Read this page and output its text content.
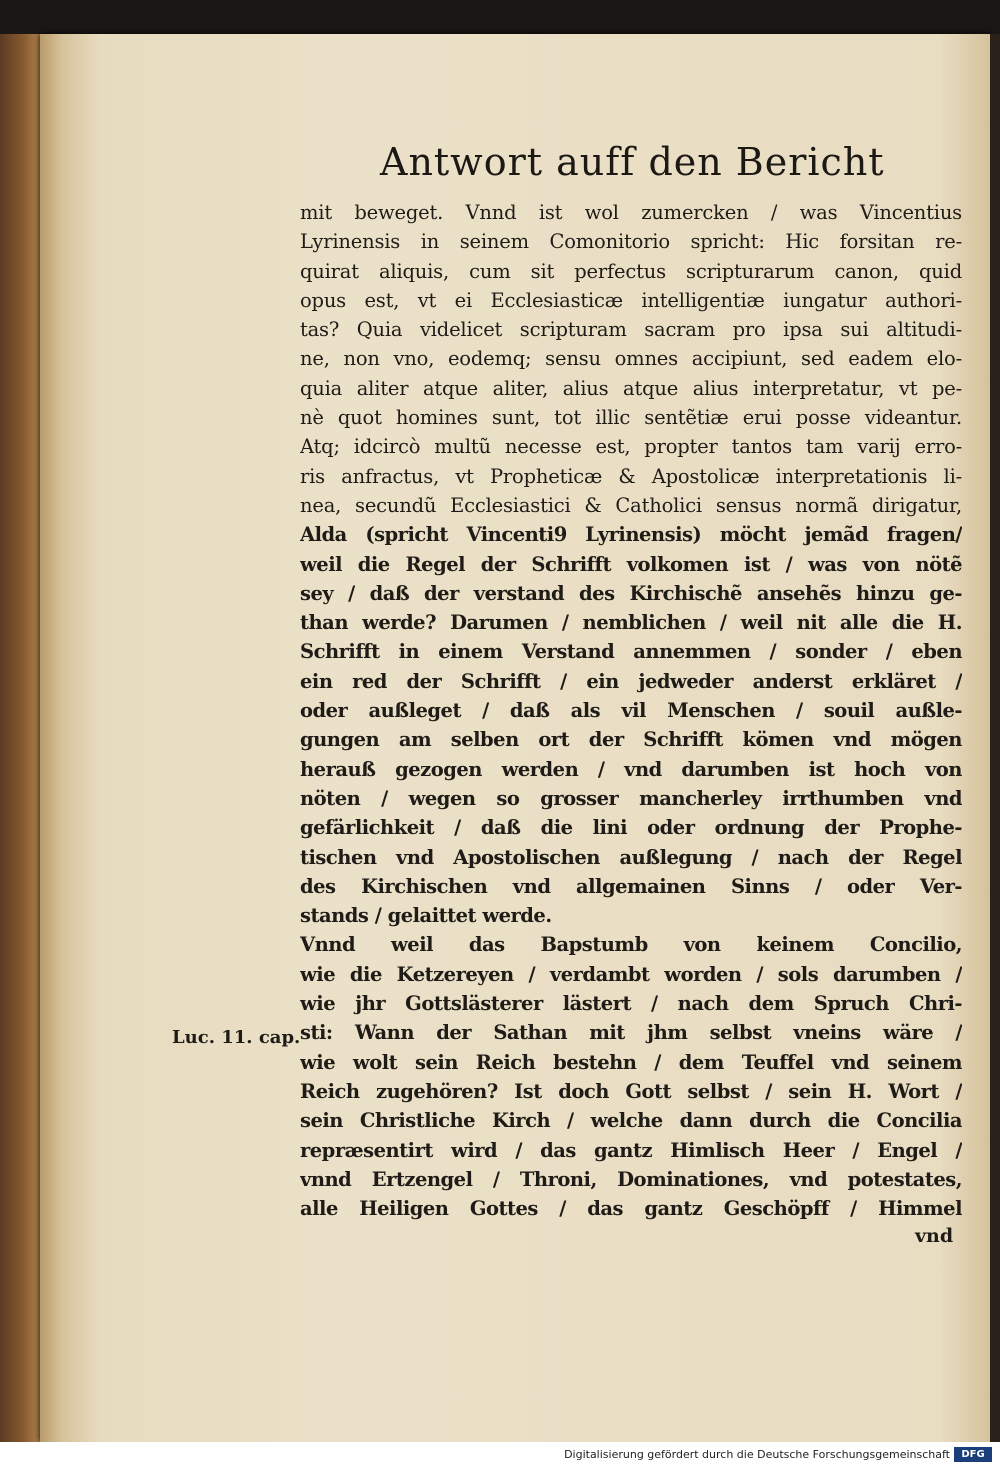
Antwort auff den Bericht
mit beweget. Vnnd ist wol zumercken / was Vincentius
Lyrinensis in seinem Comonitorio spricht: Hic forsitan re-
quirat aliquis, cum sit perfectus scripturarum canon, quid
opus est, vt ei Ecclesiasticæ intelligentiæ iungatur authori-
tas? Quia videlicet scripturam sacram pro ipsa sui altitudi-
ne, non vno, eodemq; sensu omnes accipiunt, sed eadem elo-
quia aliter atque aliter, alius atque alius interpretatur, vt pe-
nè quot homines sunt, tot illic sentẽtiæ erui posse videantur.
Atq; idcircò multũ necesse est, propter tantos tam varij erro-
ris anfractus, vt Propheticæ & Apostolicæ interpretationis li-
nea, secundũ Ecclesiastici & Catholici sensus normã dirigatur,
Alda (spricht Vincenti9 Lyrinensis) möcht jemãd fragen/
weil die Regel der Schrifft volkomen ist / was von nötẽ
sey / daß der verstand des Kirchischẽ ansehẽs hinzu ge-
than werde? Darumen / nemblichen / weil nit alle die H.
Schrifft in einem Verstand annemmen / sonder / eben
ein red der Schrifft / ein jedweder anderst erkläret /
oder außleget / daß als vil Menschen / souil außle-
gungen am selben ort der Schrifft kömen vnd mögen
herauß gezogen werden / vnd darumben ist hoch von
nöten / wegen so grosser mancherley irrthumben vnd
gefärlichkeit / daß die lini oder ordnung der Prophe-
tischen vnd Apostolischen außlegung / nach der Regel
des Kirchischen vnd allgemainen Sinns / oder Ver-
stands / gelaittet werde.
Vnnd weil das Bapstumb von keinem Concilio,
wie die Ketzereyen / verdambt worden / sols darumben /
wie jhr Gottslästerer lästert / nach dem Spruch Chri-
sti: Wann der Sathan mit jhm selbst vneins wäre /
wie wolt sein Reich bestehn / dem Teuffel vnd seinem
Reich zugehören? Ist doch Gott selbst / sein H. Wort /
sein Christliche Kirch / welche dann durch die Concilia
repræsentirt wird / das gantz Himlisch Heer / Engel /
vnnd Ertzengel / Throni, Dominationes, vnd potestates,
alle Heiligen Gottes / das gantz Geschöpff / Himmel
Luc. 11. cap.
vnd
Digitalisierung gefördert durch die Deutsche Forschungsgemeinschaft	DFG
